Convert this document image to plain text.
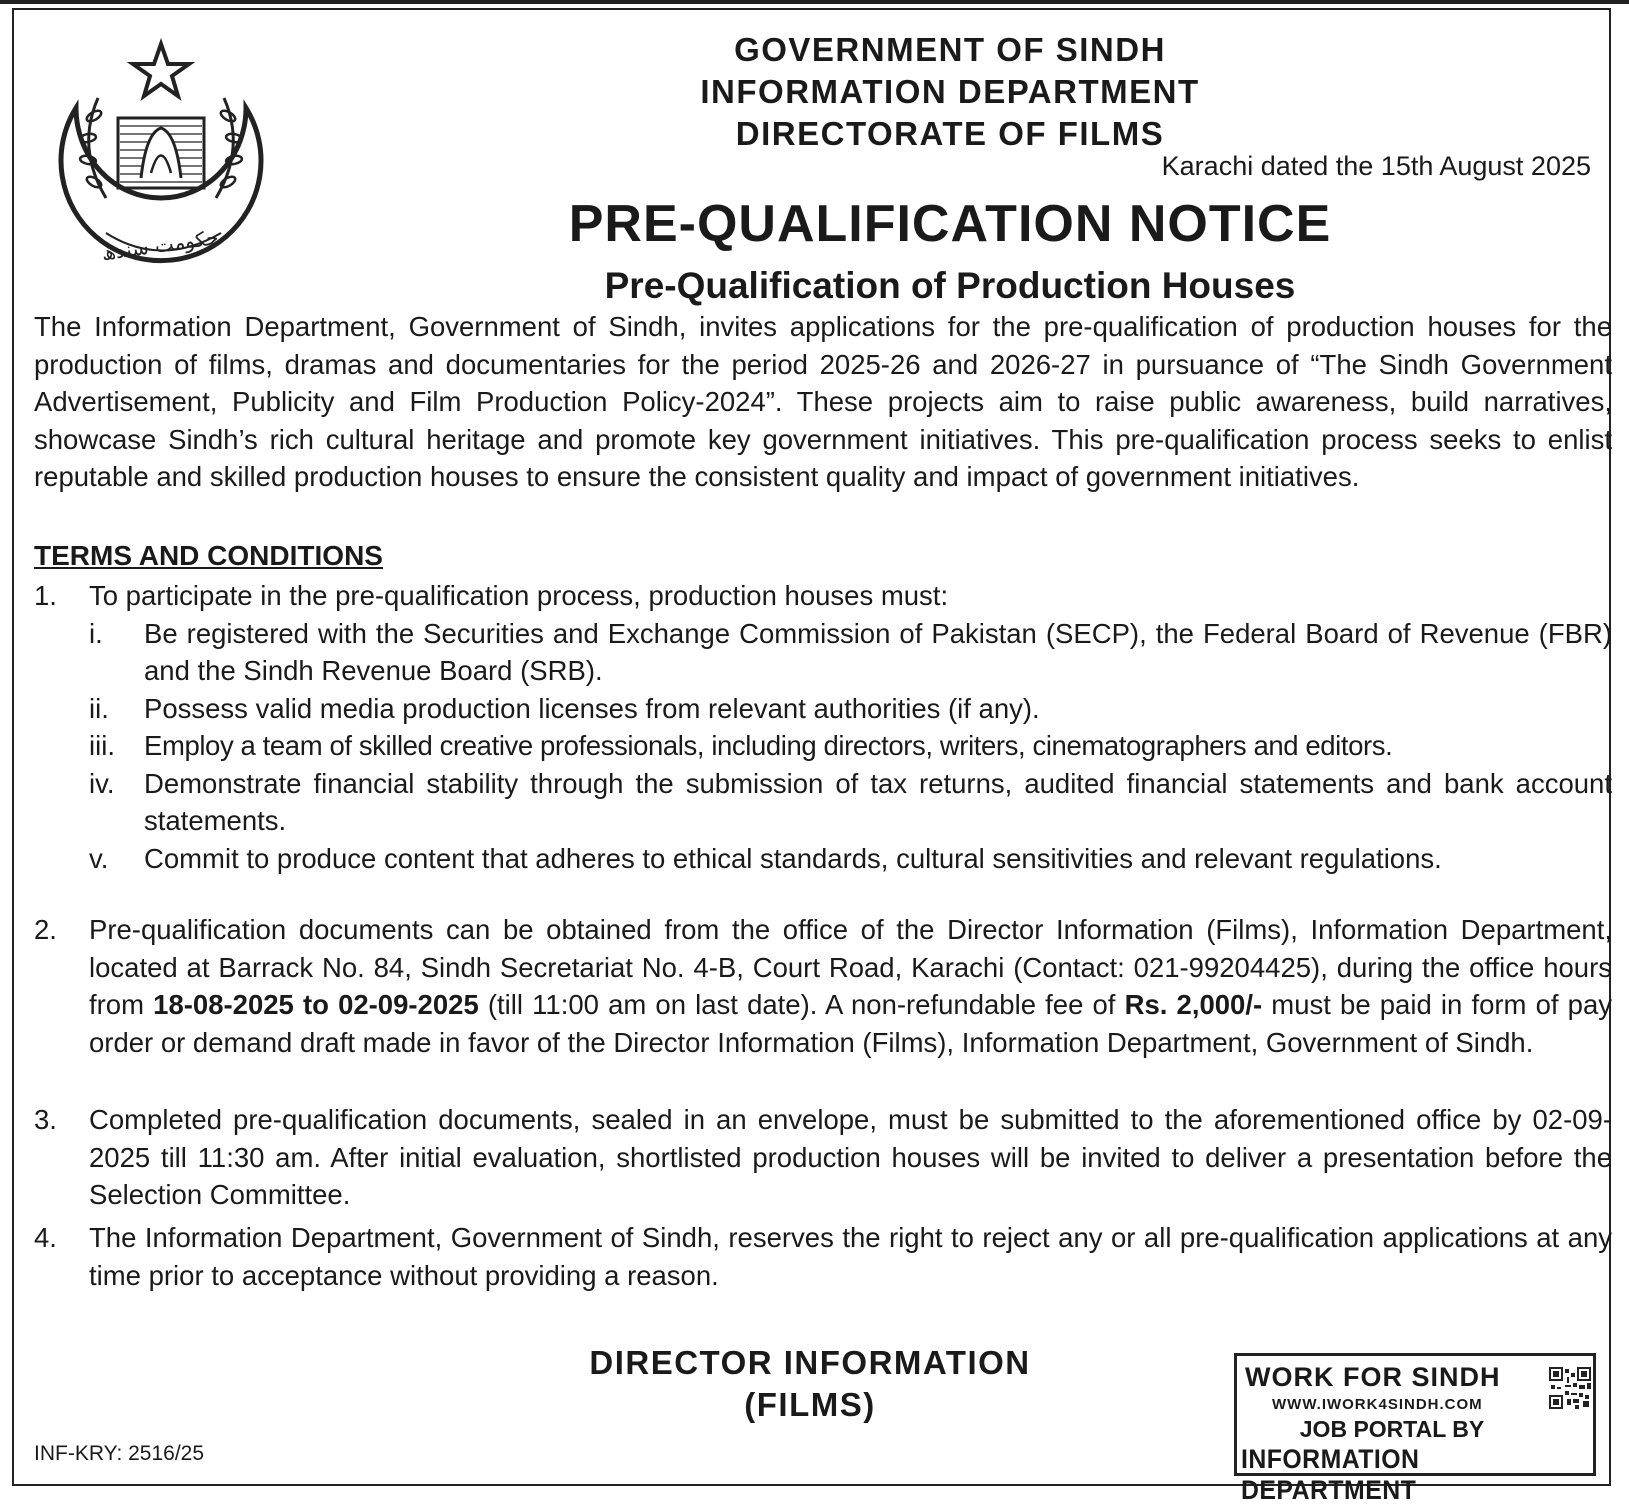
حکومت سندھ
GOVERNMENT OF SINDH
INFORMATION DEPARTMENT
DIRECTORATE OF FILMS
Karachi dated the 15th August 2025
PRE-QUALIFICATION NOTICE
Pre-Qualification of Production Houses
The Information Department, Government of Sindh, invites applications for the pre-qualification of production houses for the production of films, dramas and documentaries for the period 2025-26 and 2026-27 in pursuance of “The Sindh Government Advertisement, Publicity and Film Production Policy-2024”. These projects aim to raise public awareness, build narratives, showcase Sindh’s rich cultural heritage and promote key government initiatives. This pre-qualification process seeks to enlist reputable and skilled production houses to ensure the consistent quality and impact of government initiatives.
TERMS AND CONDITIONS
1. To participate in the pre-qualification process, production houses must:
i. Be registered with the Securities and Exchange Commission of Pakistan (SECP), the Federal Board of Revenue (FBR) and the Sindh Revenue Board (SRB).
ii. Possess valid media production licenses from relevant authorities (if any).
iii. Employ a team of skilled creative professionals, including directors, writers, cinematographers and editors.
iv. Demonstrate financial stability through the submission of tax returns, audited financial statements and bank account statements.
v. Commit to produce content that adheres to ethical standards, cultural sensitivities and relevant regulations.
2. Pre-qualification documents can be obtained from the office of the Director Information (Films), Information Department, located at Barrack No. 84, Sindh Secretariat No. 4-B, Court Road, Karachi (Contact: 021-99204425), during the office hours from 18-08-2025 to 02-09-2025 (till 11:00 am on last date). A non-refundable fee of Rs. 2,000/- must be paid in form of pay order or demand draft made in favor of the Director Information (Films), Information Department, Government of Sindh.
3. Completed pre-qualification documents, sealed in an envelope, must be submitted to the aforementioned office by 02-09-2025 till 11:30 am. After initial evaluation, shortlisted production houses will be invited to deliver a presentation before the Selection Committee.
4. The Information Department, Government of Sindh, reserves the right to reject any or all pre-qualification applications at any time prior to acceptance without providing a reason.
DIRECTOR INFORMATION
(FILMS)
INF-KRY: 2516/25
WORK FOR SINDH
WWW.IWORK4SINDH.COM
JOB PORTAL BY
INFORMATION DEPARTMENT
